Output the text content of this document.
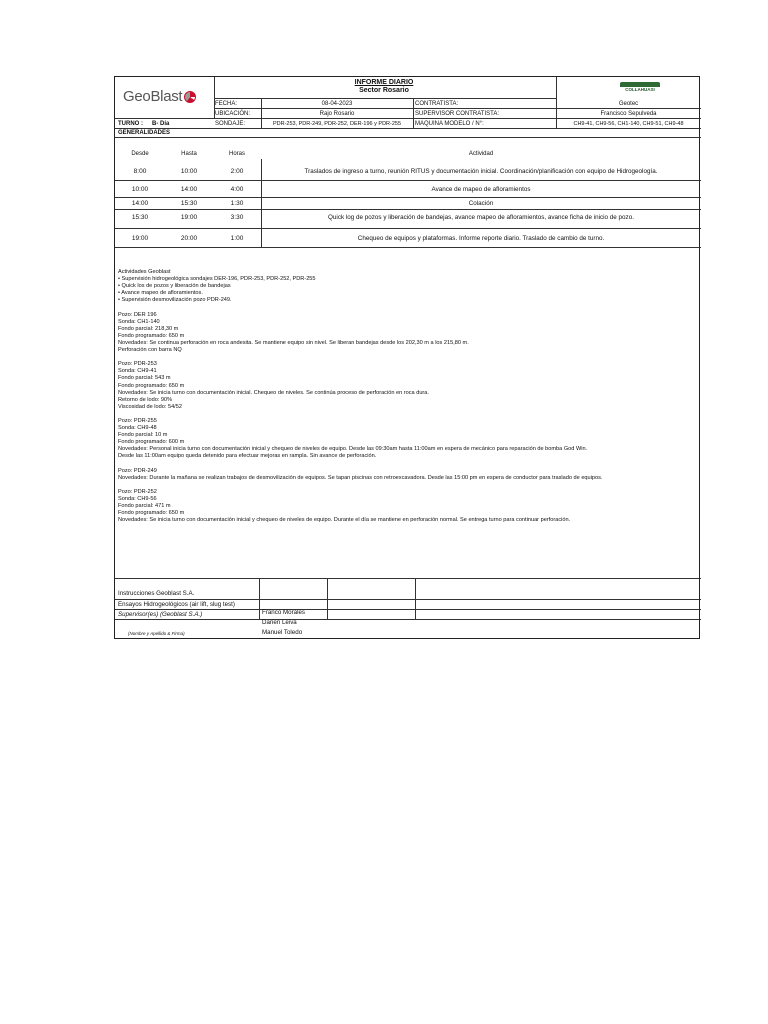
GeoBlast
INFORME DIARIO
Sector Rosario	COLLAHUASI
FECHA:	08-04-2023	CONTRATISTA:	Geotec
UBICACIÓN:	Rajo Rosario	SUPERVISOR CONTRATISTA:	Francisco Sepulveda
TURNO :	B- Día	SONDAJE:	PDR-253, PDR-249, PDR-252, DER-196 y PDR-255	MAQUINA MODELO / N°:	CH9-41, CH9-56, CH1-140, CH9-51, CH9-48
GENERALIDADES
Desde	Hasta	Horas	Actividad
8:00	10:00	2:00	Traslados de ingreso a turno, reunión RITUS y documentación inicial. Coordinación/planificación con equipo de Hidrogeología.
10:00	14:00	4:00	Avance de mapeo de afloramientos
14:00	15:30	1:30	Colación
15:30	19:00	3:30	Quick log de pozos y liberación de bandejas, avance mapeo de afloramientos, avance ficha de inicio de pozo.
19:00	20:00	1:00	Chequeo de equipos y plataformas. Informe reporte diario. Traslado de cambio de turno.
Actividades Geoblast
• Supervisión hidrogeológica sondajes DER-196, PDR-253, PDR-252, PDR-255
• Quick los de pozos y liberación de bandejas
• Avance mapeo de afloramientos.
• Supervisión desmovilización pozo PDR-249.
Pozo: DER 196
Sonda: CH1-140
Fondo parcial: 218,30 m
Fondo programado: 650 m
Novedades: Se continua perforación en roca andesita. Se mantiene equipo sin nivel. Se liberan bandejas desde los 202,30 m a los 215,80 m.
Perforación con barra NQ
Pozo: PDR-253
Sonda: CH9-41
Fondo parcial: 543 m
Fondo programado: 650 m
Novedades: Se inicia turno con documentación inicial. Chequeo de niveles. Se continúa proceso de perforación en roca dura.
Retorno de lodo: 90%
Viscosidad de lodo: 54/52
Pozo: PDR-255
Sonda: CH9-48
Fondo parcial: 10 m
Fondo programado: 600 m
Novedades: Personal inicia turno con documentación inicial y chequeo de niveles de equipo. Desde las 09:30am hasta 11:00am en espera de mecánico para reparación de bomba God Win.
Desde las 11:00am equipo queda detenido para efectuar mejoras en rampla. Sin avance de perforación.
Pozo: PDR-249
Novedades: Durante la mañana se realizan trabajos de desmovilización de equipos. Se tapan piscinas con retroexcavadora. Desde las 15:00 pm en espera de conductor para traslado de equipos.
Pozo: PDR-252
Sonda: CH9-56
Fondo parcial: 471 m
Fondo programado: 650 m
Novedades: Se inicia turno con documentación inicial y chequeo de niveles de equipo. Durante el día se mantiene en perforación normal. Se entrega turno para continuar perforación.
Instrucciones Geoblast S.A.
Ensayos Hidrogeológicos (air lift, slug test)
Supervisor(es) (Geoblast S.A.)
(Nombre y Apellido & Firma)
Franco Morales
Darien Leiva
Manuel Toledo
